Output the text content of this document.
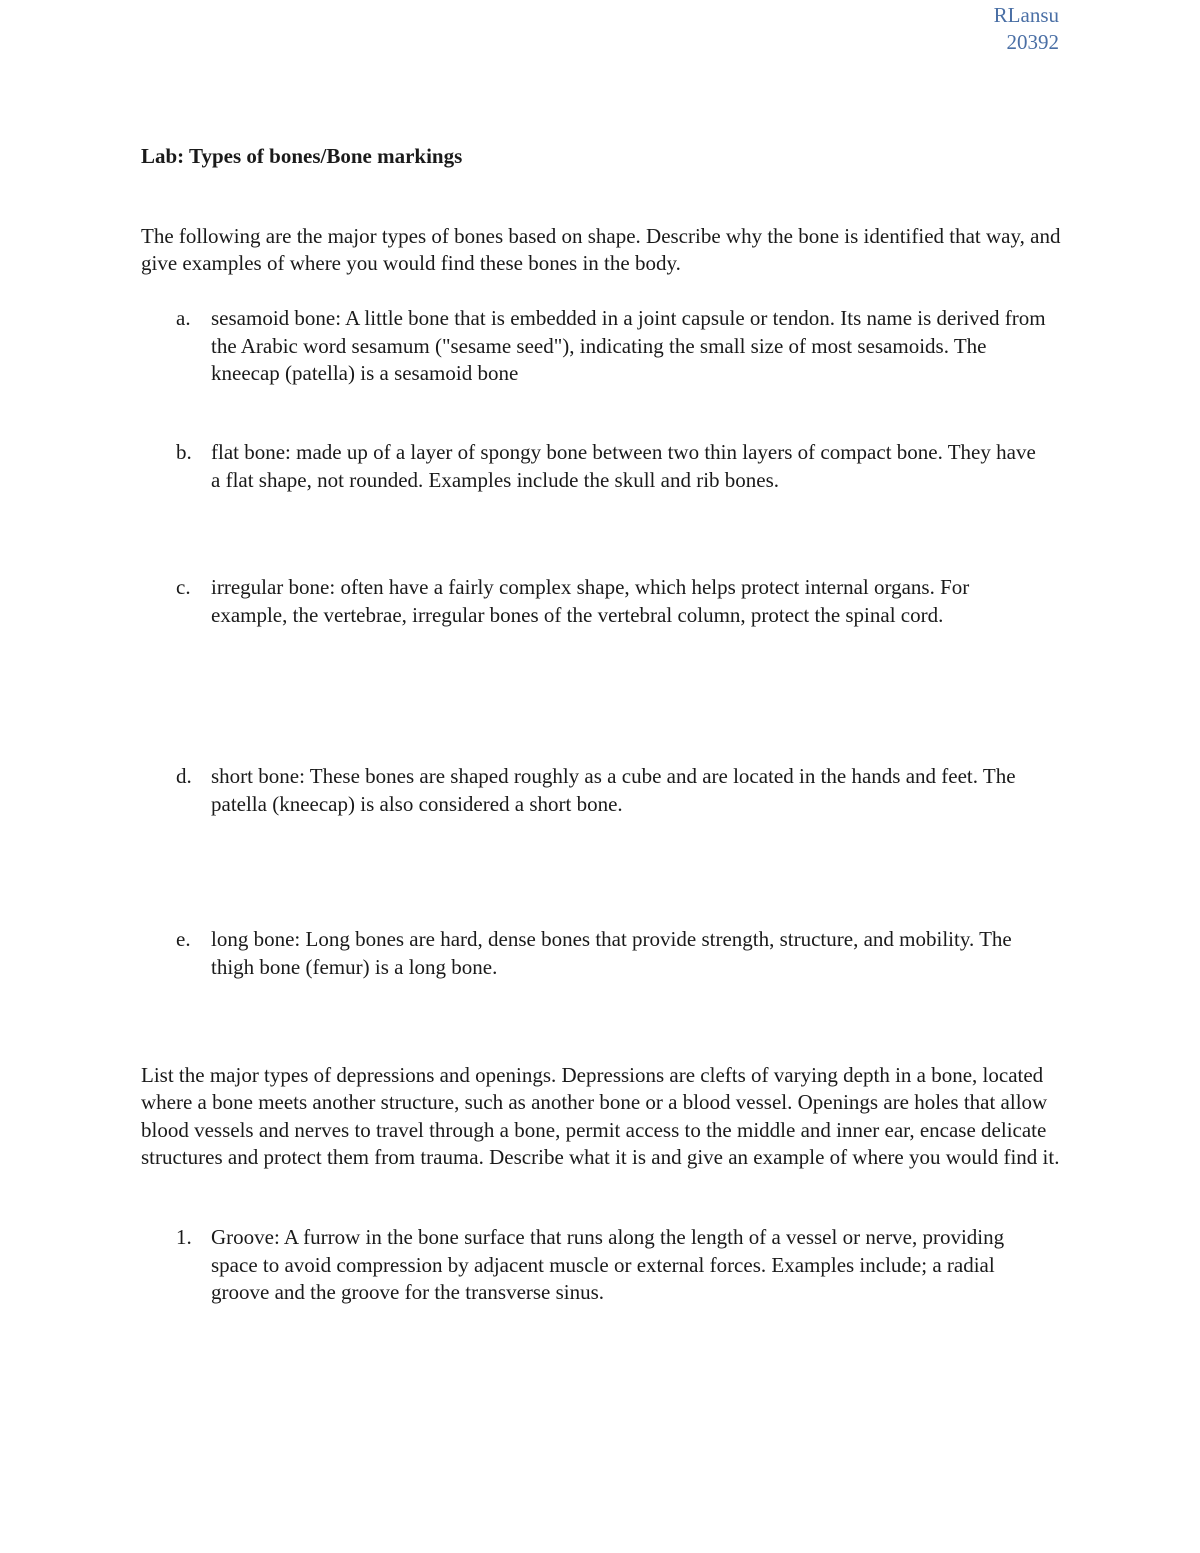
RLansu
20392
Lab: Types of bones/Bone markings

The following are the major types of bones based on shape. Describe why the bone is identified that way, and give examples of where you would find these bones in the body.

a. sesamoid bone: A little bone that is embedded in a joint capsule or tendon. Its name is derived from the Arabic word sesamum ("sesame seed"), indicating the small size of most sesamoids. The kneecap (patella) is a sesamoid bone
b. flat bone: made up of a layer of spongy bone between two thin layers of compact bone. They have a flat shape, not rounded. Examples include the skull and rib bones.
c. irregular bone: often have a fairly complex shape, which helps protect internal organs. For example, the vertebrae, irregular bones of the vertebral column, protect the spinal cord.
d. short bone: These bones are shaped roughly as a cube and are located in the hands and feet. The patella (kneecap) is also considered a short bone.
e. long bone: Long bones are hard, dense bones that provide strength, structure, and mobility. The thigh bone (femur) is a long bone.

List the major types of depressions and openings. Depressions are clefts of varying depth in a bone, located where a bone meets another structure, such as another bone or a blood vessel. Openings are holes that allow blood vessels and nerves to travel through a bone, permit access to the middle and inner ear, encase delicate structures and protect them from trauma. Describe what it is and give an example of where you would find it.

1. Groove: A furrow in the bone surface that runs along the length of a vessel or nerve, providing space to avoid compression by adjacent muscle or external forces. Examples include; a radial groove and the groove for the transverse sinus.
